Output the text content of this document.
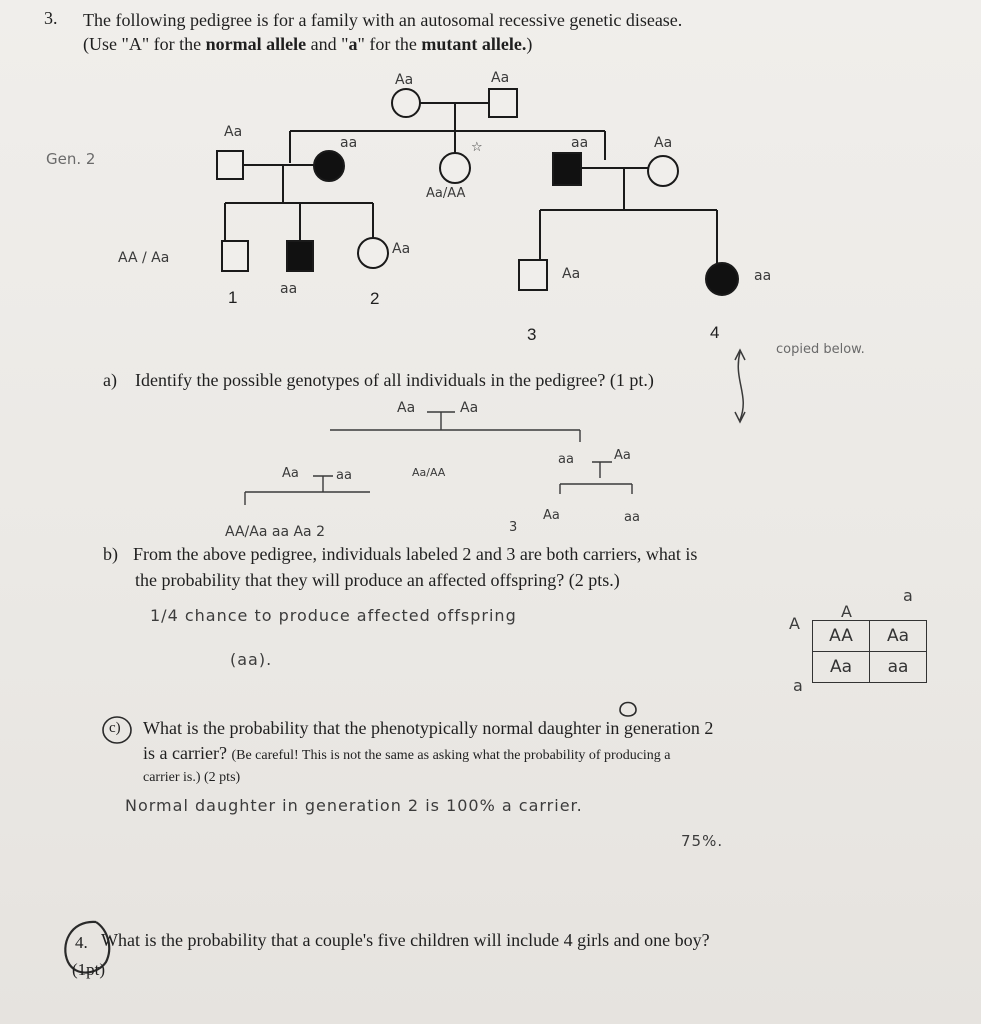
3. The following pedigree is for a family with an autosomal recessive genetic disease.
(Use "A" for the normal allele and "a" for the mutant allele.)
Gen. 2
Aa	Aa
Aa
aa
Aa/AA
☆	aa	Aa
AA / Aa
aa
Aa
Aa	aa
1	2
3	4
copied below.
a) Identify the possible genotypes of all individuals in the pedigree? (1 pt.)
Aa	Aa
Aa	aa	Aa/AA
aa	Aa
Aa	aa
AA/Aa aa Aa 2	3
b) From the above pedigree, individuals labeled 2 and 3 are both carriers, what is
the probability that they will produce an affected offspring? (2 pts.)
1/4 chance to produce affected offspring
(aa).
A
a
A
a
AA	Aa
Aa	aa
c) What is the probability that the phenotypically normal daughter in generation 2
is a carrier? (Be careful! This is not the same as asking what the probability of producing a
carrier is.) (2 pts)
Normal daughter in generation 2 is 100% a carrier.
75%.
4. What is the probability that a couple's five children will include 4 girls and one boy?
(1pt)
